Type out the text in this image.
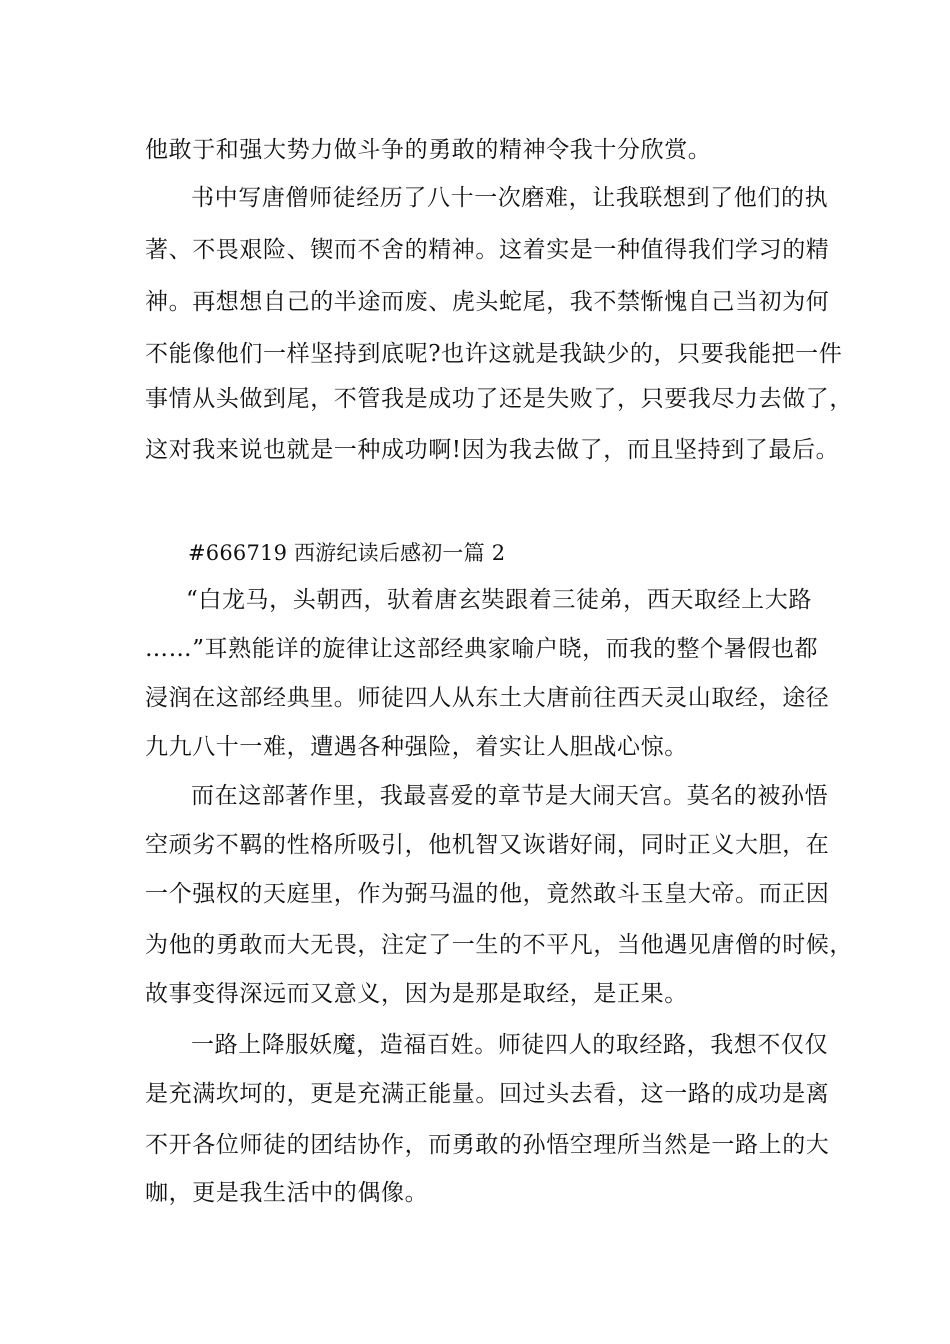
他敢于和强大势力做斗争的勇敢的精神令我十分欣赏。
书中写唐僧师徒经历了八十一次磨难，让我联想到了他们的执
著、不畏艰险、锲而不舍的精神。这着实是一种值得我们学习的精
神。再想想自己的半途而废、虎头蛇尾，我不禁惭愧自己当初为何
不能像他们一样坚持到底呢?也许这就是我缺少的，只要我能把一件
事情从头做到尾，不管我是成功了还是失败了，只要我尽力去做了，
这对我来说也就是一种成功啊!因为我去做了，而且坚持到了最后。
#666719 西游纪读后感初一篇 2
“白龙马，头朝西，驮着唐玄奘跟着三徒弟，西天取经上大路
……”耳熟能详的旋律让这部经典家喻户晓，而我的整个暑假也都
浸润在这部经典里。师徒四人从东土大唐前往西天灵山取经，途径
九九八十一难，遭遇各种强险，着实让人胆战心惊。
而在这部著作里，我最喜爱的章节是大闹天宫。莫名的被孙悟
空顽劣不羁的性格所吸引，他机智又诙谐好闹，同时正义大胆，在
一个强权的天庭里，作为弼马温的他，竟然敢斗玉皇大帝。而正因
为他的勇敢而大无畏，注定了一生的不平凡，当他遇见唐僧的时候，
故事变得深远而又意义，因为是那是取经，是正果。
一路上降服妖魔，造福百姓。师徒四人的取经路，我想不仅仅
是充满坎坷的，更是充满正能量。回过头去看，这一路的成功是离
不开各位师徒的团结协作，而勇敢的孙悟空理所当然是一路上的大
咖，更是我生活中的偶像。
